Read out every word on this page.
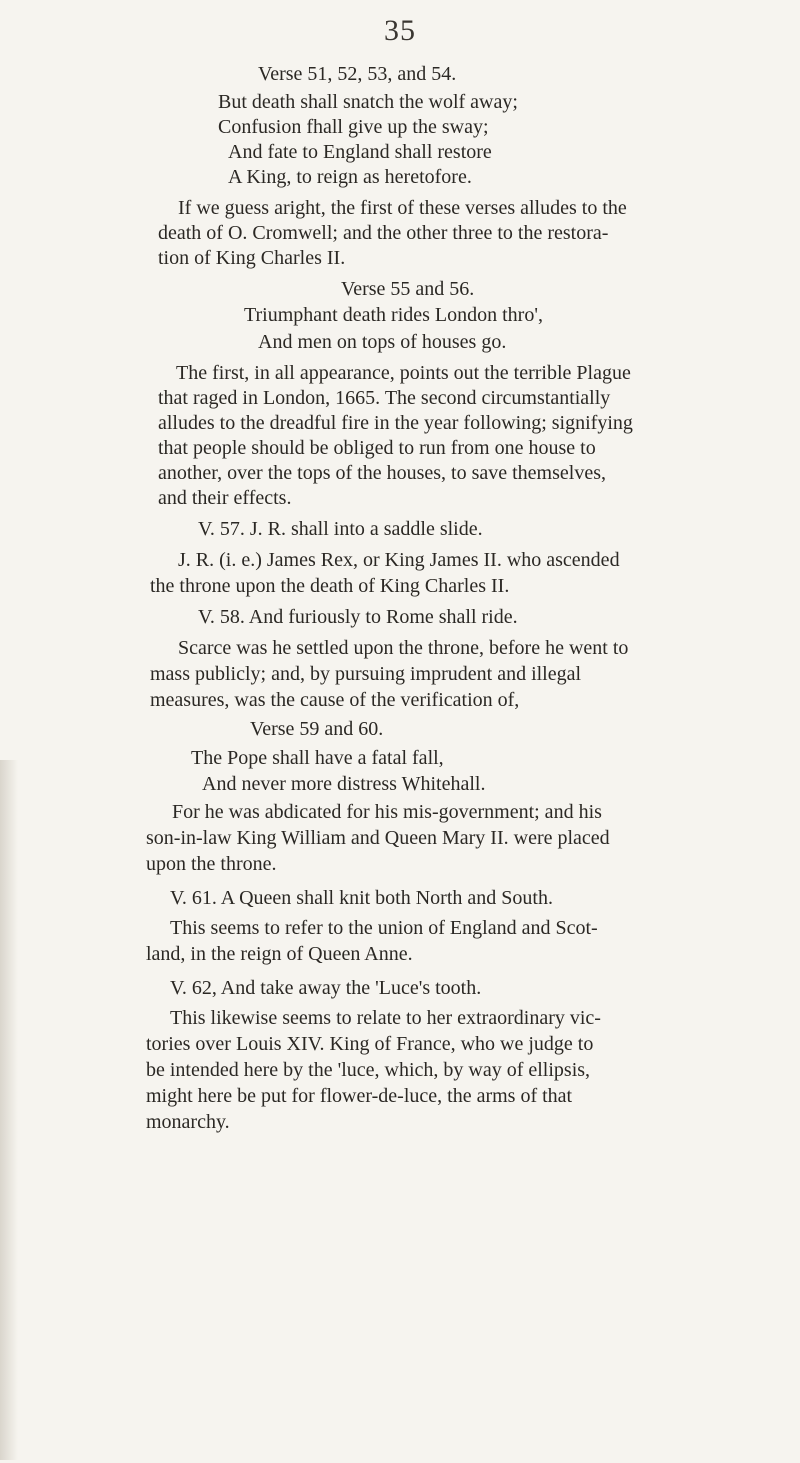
35
Verse 51, 52, 53, and 54.
But death shall snatch the wolf away;
Confusion fhall give up the sway;
And fate to England shall restore
A King, to reign as heretofore.
If we guess aright, the first of these verses alludes to the
death of O. Cromwell; and the other three to the restora-
tion of King Charles II.
Verse 55 and 56.
Triumphant death rides London thro',
And men on tops of houses go.
The first, in all appearance, points out the terrible Plague
that raged in London, 1665. The second circumstantially
alludes to the dreadful fire in the year following; signifying
that people should be obliged to run from one house to
another, over the tops of the houses, to save themselves,
and their effects.
V. 57. J. R. shall into a saddle slide.
J. R. (i. e.) James Rex, or King James II. who ascended
the throne upon the death of King Charles II.
V. 58. And furiously to Rome shall ride.
Scarce was he settled upon the throne, before he went to
mass publicly; and, by pursuing imprudent and illegal
measures, was the cause of the verification of,
Verse 59 and 60.
The Pope shall have a fatal fall,
And never more distress Whitehall.
For he was abdicated for his mis-government; and his
son-in-law King William and Queen Mary II. were placed
upon the throne.
V. 61. A Queen shall knit both North and South.
This seems to refer to the union of England and Scot-
land, in the reign of Queen Anne.
V. 62, And take away the 'Luce's tooth.
This likewise seems to relate to her extraordinary vic-
tories over Louis XIV. King of France, who we judge to
be intended here by the 'luce, which, by way of ellipsis,
might here be put for flower-de-luce, the arms of that
monarchy.
